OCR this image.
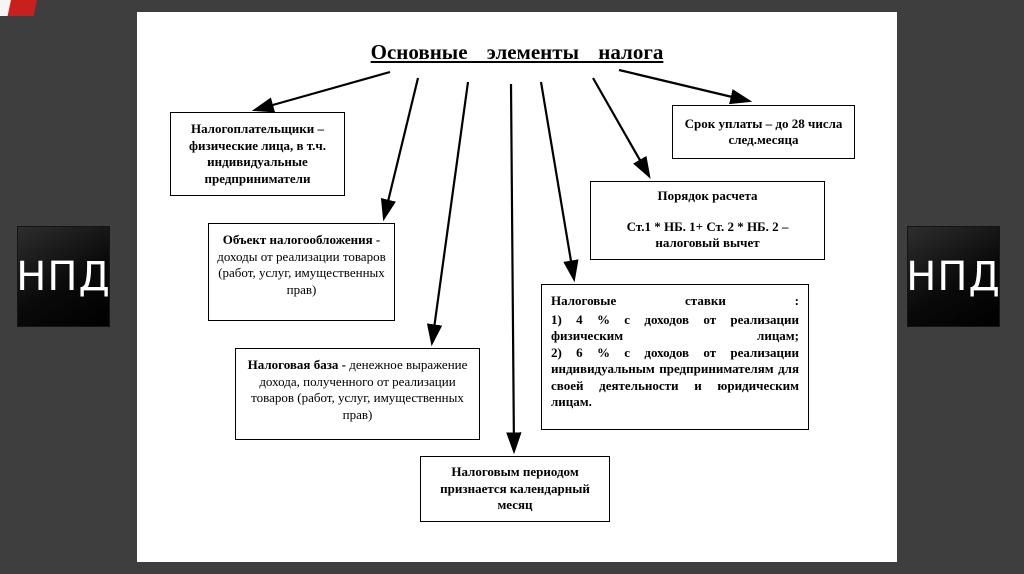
НПД	НПД
Основные элементы налога
Налогоплательщики – физические лица, в т.ч. индивидуальные предприниматели
Объект налогообложения -
доходы от реализации товаров (работ, услуг, имущественных прав)
Налоговая база - денежное выражение дохода, полученного от реализации товаров (работ, услуг, имущественных прав)
Налоговым периодом признается календарный месяц
Налоговые ставки :
1) 4 % с доходов от реализации физическим лицам;
2) 6 % с доходов от реализации индивидуальным предпринимателям для своей деятельности и юридическим лицам.
Порядок расчета
Ст.1 * НБ. 1+ Ст. 2 * НБ. 2 –
налоговый вычет
Срок уплаты – до 28 числа след.месяца
